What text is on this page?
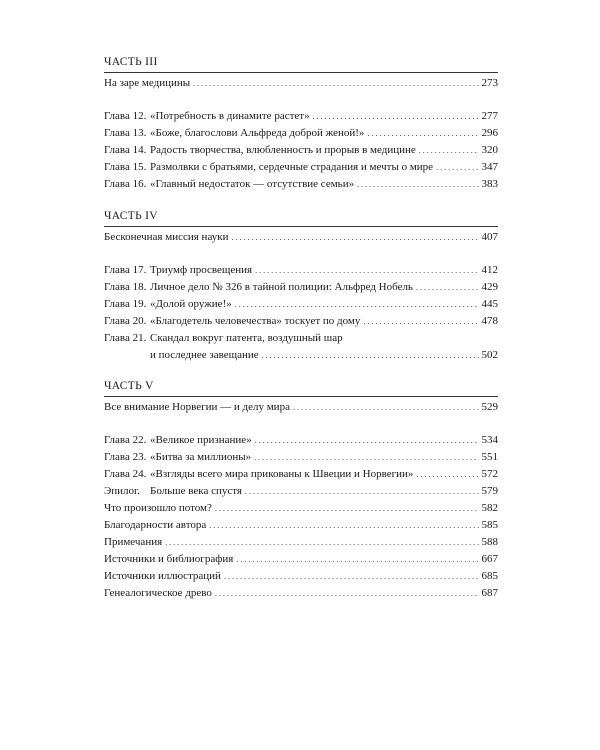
ЧАСТЬ III
На заре медицины . . .	273
Глава 12. «Потребность в динамите растет» . . .	277
Глава 13. «Боже, благослови Альфреда доброй женой!» . . .	296
Глава 14. Радость творчества, влюбленность и прорыв в медицине . . .	320
Глава 15. Размолвки с братьями, сердечные страдания и мечты о мире . . .	347
Глава 16. «Главный недостаток — отсутствие семьи» . . .	383
ЧАСТЬ IV
Бесконечная миссия науки . . .	407
Глава 17. Триумф просвещения . . .	412
Глава 18. Личное дело № 326 в тайной полиции: Альфред Нобель . . .	429
Глава 19. «Долой оружие!» . . .	445
Глава 20. «Благодетель человечества» тоскует по дому . . .	478
Глава 21. Скандал вокруг патента, воздушный шар
и последнее завещание . . .	502
ЧАСТЬ V
Все внимание Норвегии — и делу мира . . .	529
Глава 22. «Великое признание» . . .	534
Глава 23. «Битва за миллионы» . . .	551
Глава 24. «Взгляды всего мира прикованы к Швеции и Норвегии» . . .	572
Эпилог. Больше века спустя . . .	579
Что произошло потом? . . .	582
Благодарности автора . . .	585
Примечания . . .	588
Источники и библиография . . .	667
Источники иллюстраций . . .	685
Генеалогическое древо . . .	687
